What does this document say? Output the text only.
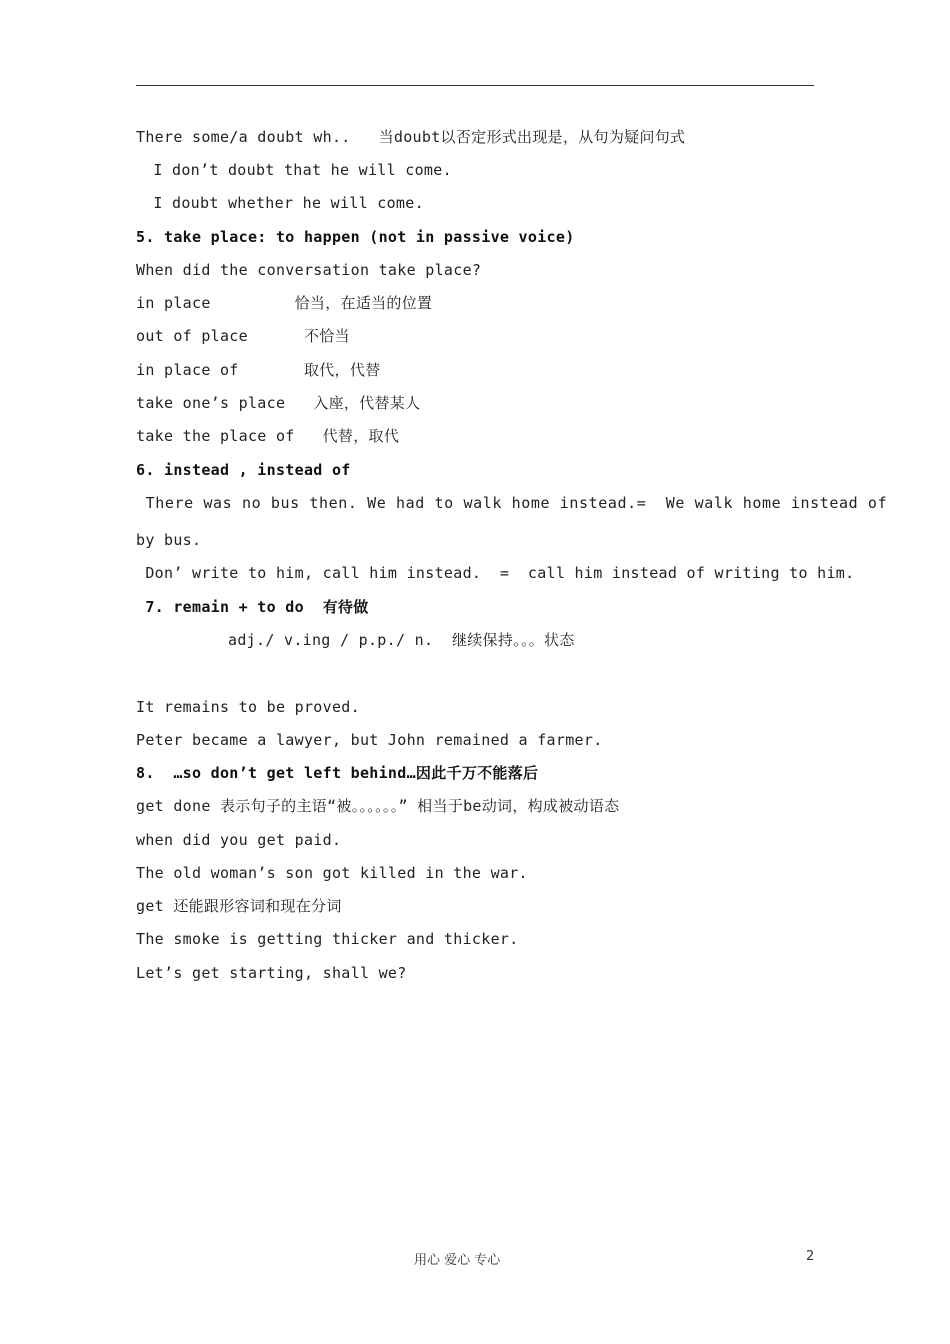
There some/a doubt wh..   当doubt以否定形式出现是，从句为疑问句式
I don’t doubt that he will come.
I doubt whether he will come.
5. take place: to happen (not in passive voice)
When did the conversation take place?
in place         恰当，在适当的位置
out of place      不恰当
in place of       取代，代替
take one’s place   入座，代替某人
take the place of   代替，取代
6. instead , instead of
There was no bus then. We had to walk home instead.=  We walk home instead of
by bus.
Don’ write to him, call him instead.  =  call him instead of writing to him.
7. remain + to do  有待做
adj./ v.ing / p.p./ n.  继续保持。。。状态
It remains to be proved.
Peter became a lawyer, but John remained a farmer.
8.  …so don’t get left behind…因此千万不能落后
get done 表示句子的主语“被。。。。。。” 相当于be动词，构成被动语态
when did you get paid.
The old woman’s son got killed in the war.
get 还能跟形容词和现在分词
The smoke is getting thicker and thicker.
Let’s get starting, shall we?
用心 爱心 专心	2
